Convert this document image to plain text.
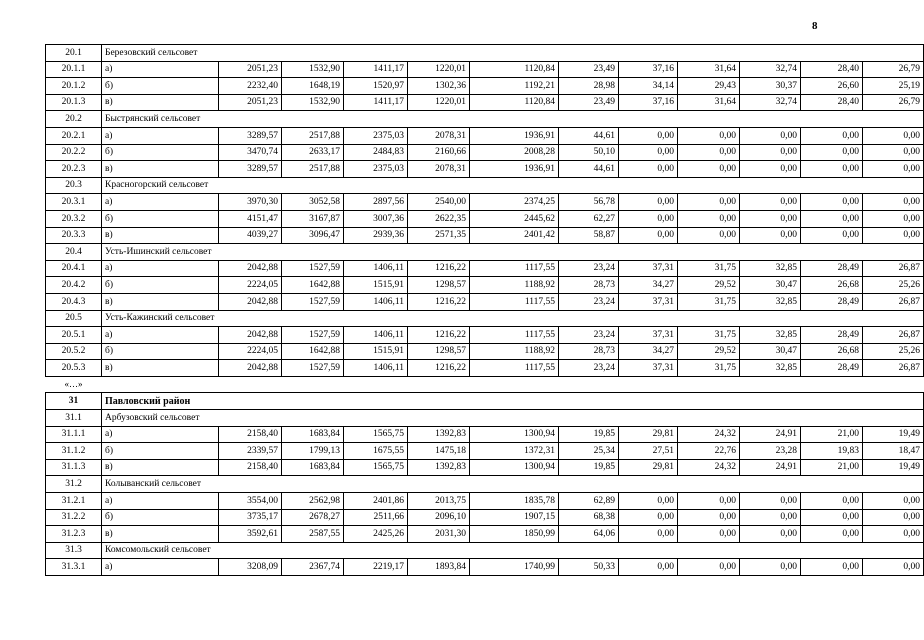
8
20.1	Березовский сельсовет											
20.1.1	а)	2051,23	1532,90	1411,17	1220,01	1120,84	23,49	37,16	31,64	32,74	28,40	26,79
20.1.2	б)	2232,40	1648,19	1520,97	1302,36	1192,21	28,98	34,14	29,43	30,37	26,60	25,19
20.1.3	в)	2051,23	1532,90	1411,17	1220,01	1120,84	23,49	37,16	31,64	32,74	28,40	26,79
20.2	Быстрянский сельсовет											
20.2.1	а)	3289,57	2517,88	2375,03	2078,31	1936,91	44,61	0,00	0,00	0,00	0,00	0,00
20.2.2	б)	3470,74	2633,17	2484,83	2160,66	2008,28	50,10	0,00	0,00	0,00	0,00	0,00
20.2.3	в)	3289,57	2517,88	2375,03	2078,31	1936,91	44,61	0,00	0,00	0,00	0,00	0,00
20.3	Красногорский сельсовет											
20.3.1	а)	3970,30	3052,58	2897,56	2540,00	2374,25	56,78	0,00	0,00	0,00	0,00	0,00
20.3.2	б)	4151,47	3167,87	3007,36	2622,35	2445,62	62,27	0,00	0,00	0,00	0,00	0,00
20.3.3	в)	4039,27	3096,47	2939,36	2571,35	2401,42	58,87	0,00	0,00	0,00	0,00	0,00
20.4	Усть-Ишинский сельсовет											
20.4.1	а)	2042,88	1527,59	1406,11	1216,22	1117,55	23,24	37,31	31,75	32,85	28,49	26,87
20.4.2	б)	2224,05	1642,88	1515,91	1298,57	1188,92	28,73	34,27	29,52	30,47	26,68	25,26
20.4.3	в)	2042,88	1527,59	1406,11	1216,22	1117,55	23,24	37,31	31,75	32,85	28,49	26,87
20.5	Усть-Кажинский сельсовет											
20.5.1	а)	2042,88	1527,59	1406,11	1216,22	1117,55	23,24	37,31	31,75	32,85	28,49	26,87
20.5.2	б)	2224,05	1642,88	1515,91	1298,57	1188,92	28,73	34,27	29,52	30,47	26,68	25,26
20.5.3	в)	2042,88	1527,59	1406,11	1216,22	1117,55	23,24	37,31	31,75	32,85	28,49	26,87
«…»												
31	Павловский район											
31.1	Арбузовский сельсовет											
31.1.1	а)	2158,40	1683,84	1565,75	1392,83	1300,94	19,85	29,81	24,32	24,91	21,00	19,49
31.1.2	б)	2339,57	1799,13	1675,55	1475,18	1372,31	25,34	27,51	22,76	23,28	19,83	18,47
31.1.3	в)	2158,40	1683,84	1565,75	1392,83	1300,94	19,85	29,81	24,32	24,91	21,00	19,49
31.2	Колыванский сельсовет											
31.2.1	а)	3554,00	2562,98	2401,86	2013,75	1835,78	62,89	0,00	0,00	0,00	0,00	0,00
31.2.2	б)	3735,17	2678,27	2511,66	2096,10	1907,15	68,38	0,00	0,00	0,00	0,00	0,00
31.2.3	в)	3592,61	2587,55	2425,26	2031,30	1850,99	64,06	0,00	0,00	0,00	0,00	0,00
31.3	Комсомольский сельсовет											
31.3.1	а)	3208,09	2367,74	2219,17	1893,84	1740,99	50,33	0,00	0,00	0,00	0,00	0,00
